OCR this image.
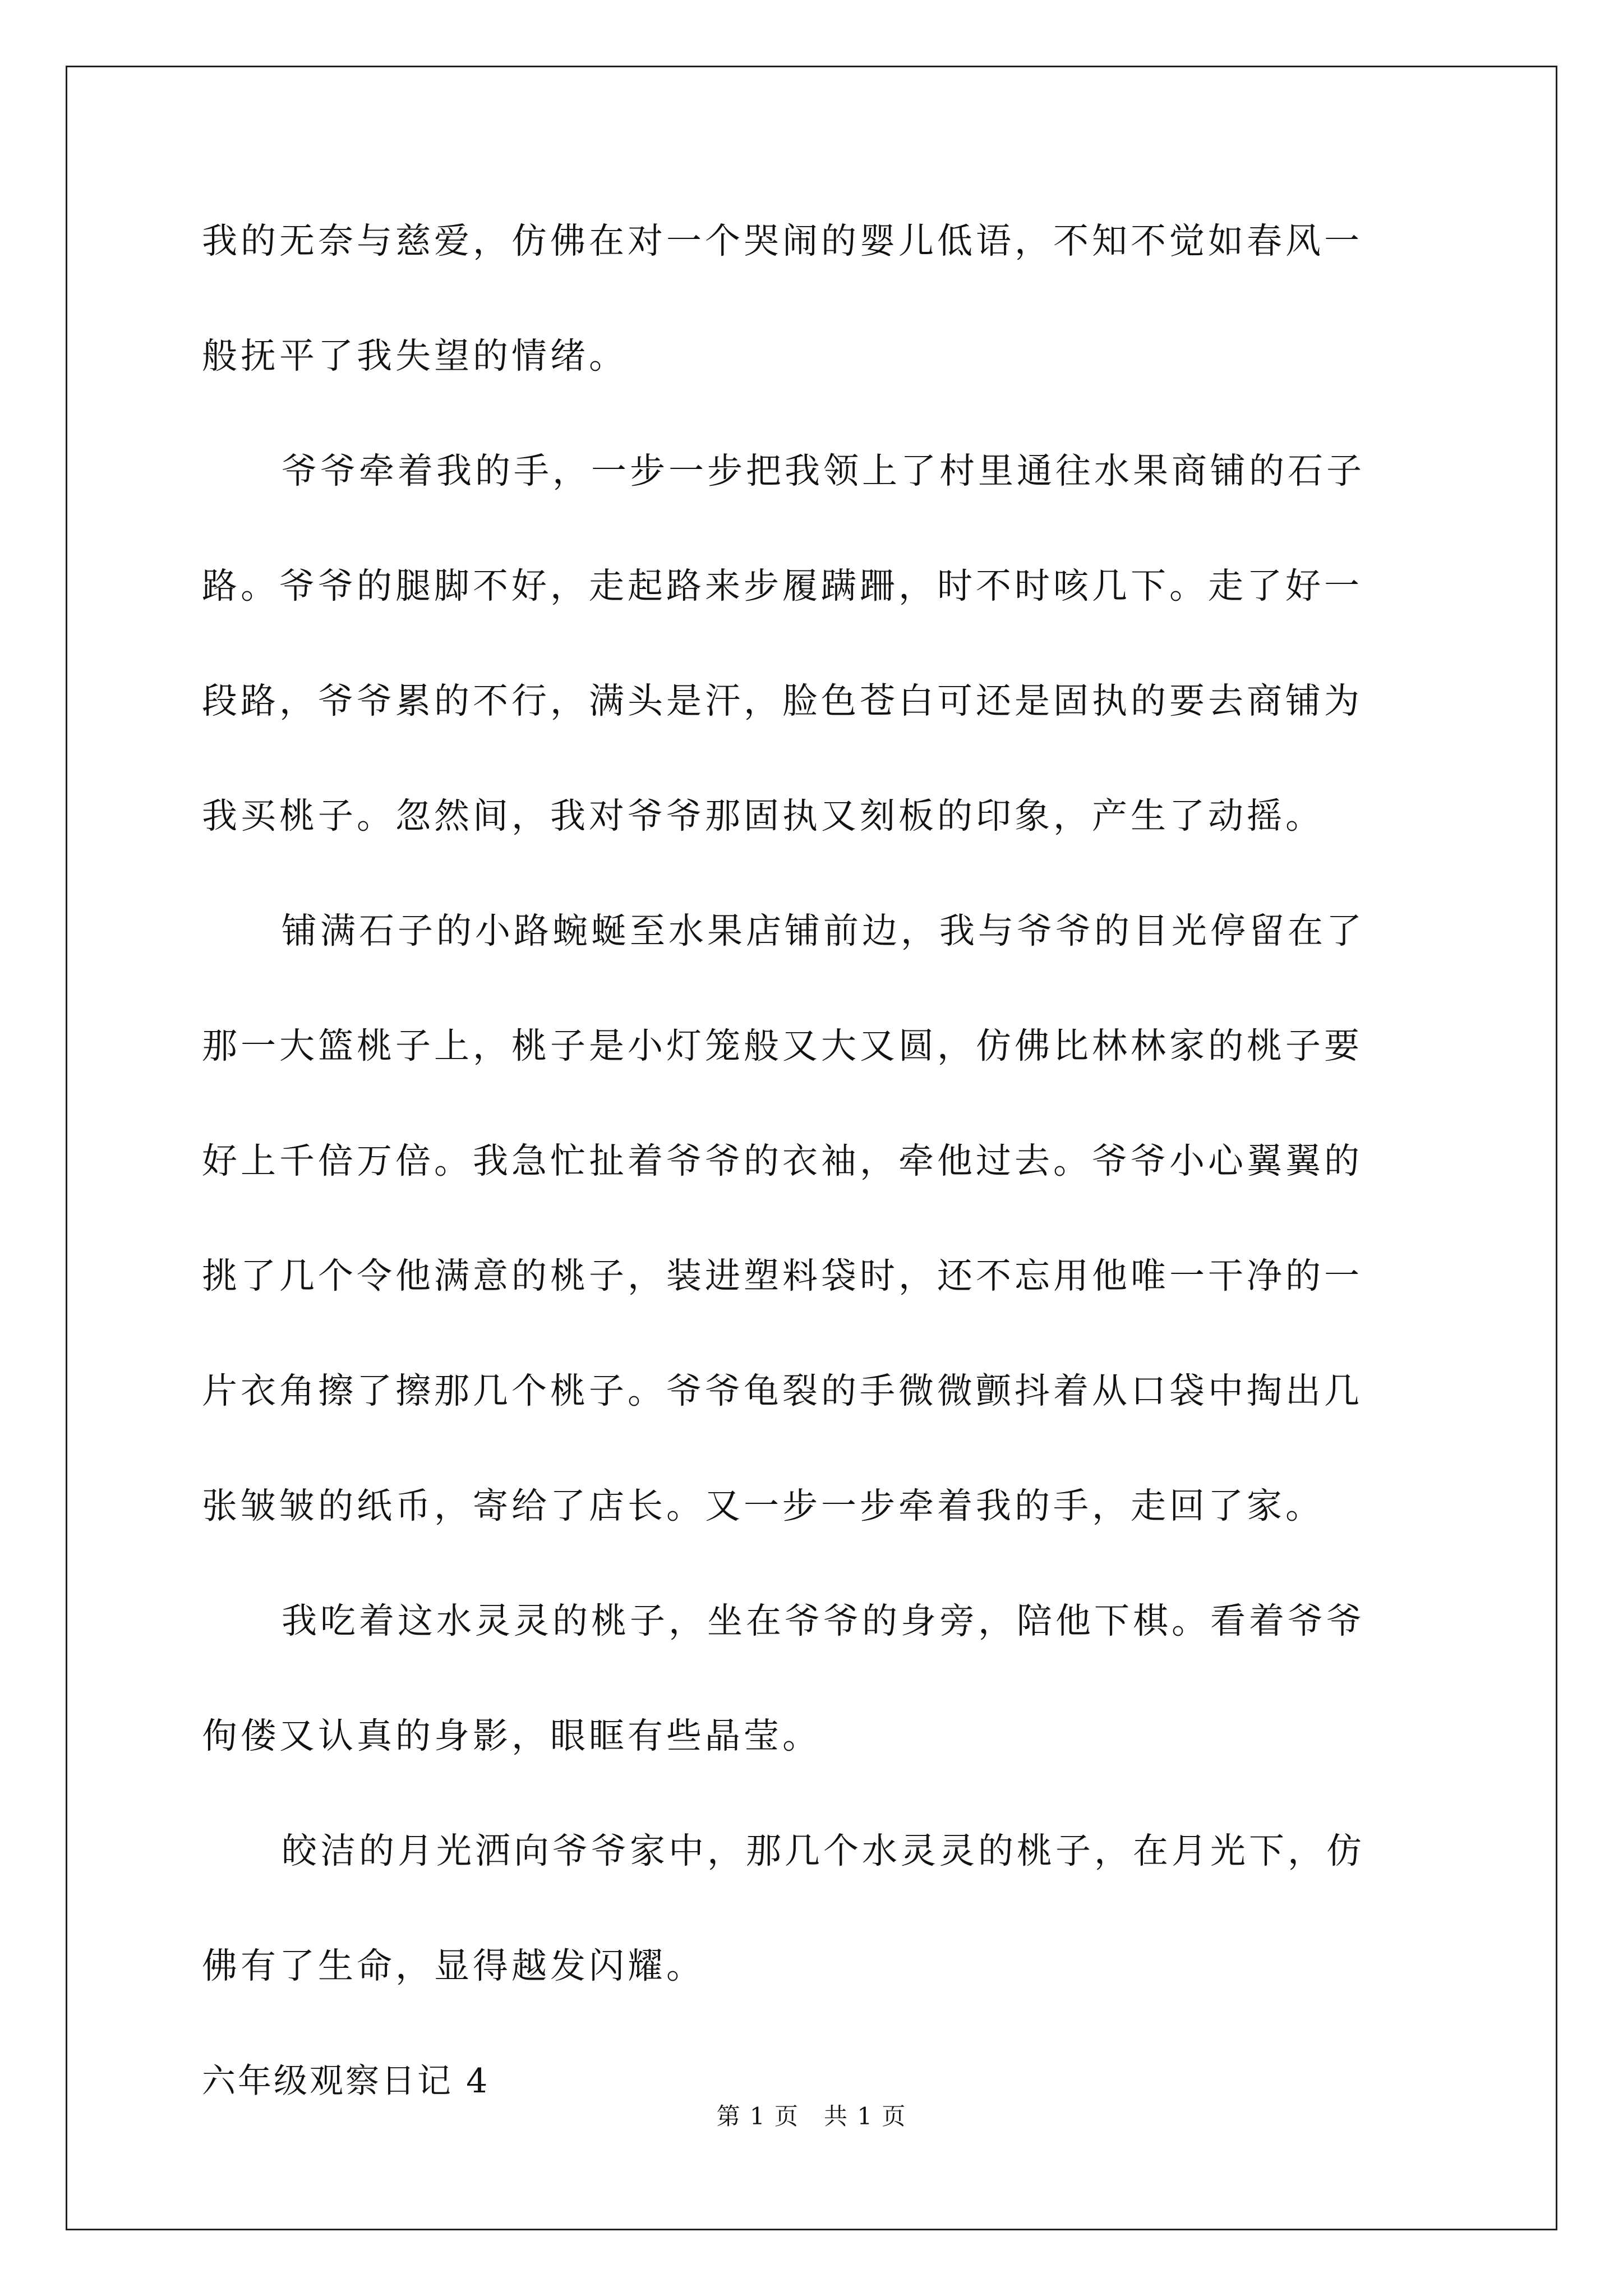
我的无奈与慈爱，仿佛在对一个哭闹的婴儿低语，不知不觉如春风一
般抚平了我失望的情绪。
爷爷牵着我的手，一步一步把我领上了村里通往水果商铺的石子
路。爷爷的腿脚不好，走起路来步履蹒跚，时不时咳几下。走了好一
段路，爷爷累的不行，满头是汗，脸色苍白可还是固执的要去商铺为
我买桃子。忽然间，我对爷爷那固执又刻板的印象，产生了动摇。
铺满石子的小路蜿蜒至水果店铺前边，我与爷爷的目光停留在了
那一大篮桃子上，桃子是小灯笼般又大又圆，仿佛比林林家的桃子要
好上千倍万倍。我急忙扯着爷爷的衣袖，牵他过去。爷爷小心翼翼的
挑了几个令他满意的桃子，装进塑料袋时，还不忘用他唯一干净的一
片衣角擦了擦那几个桃子。爷爷龟裂的手微微颤抖着从口袋中掏出几
张皱皱的纸币，寄给了店长。又一步一步牵着我的手，走回了家。
我吃着这水灵灵的桃子，坐在爷爷的身旁，陪他下棋。看着爷爷
佝偻又认真的身影，眼眶有些晶莹。
皎洁的月光洒向爷爷家中，那几个水灵灵的桃子，在月光下，仿
佛有了生命，显得越发闪耀。
六年级观察日记 4
第 1 页　共 1 页
